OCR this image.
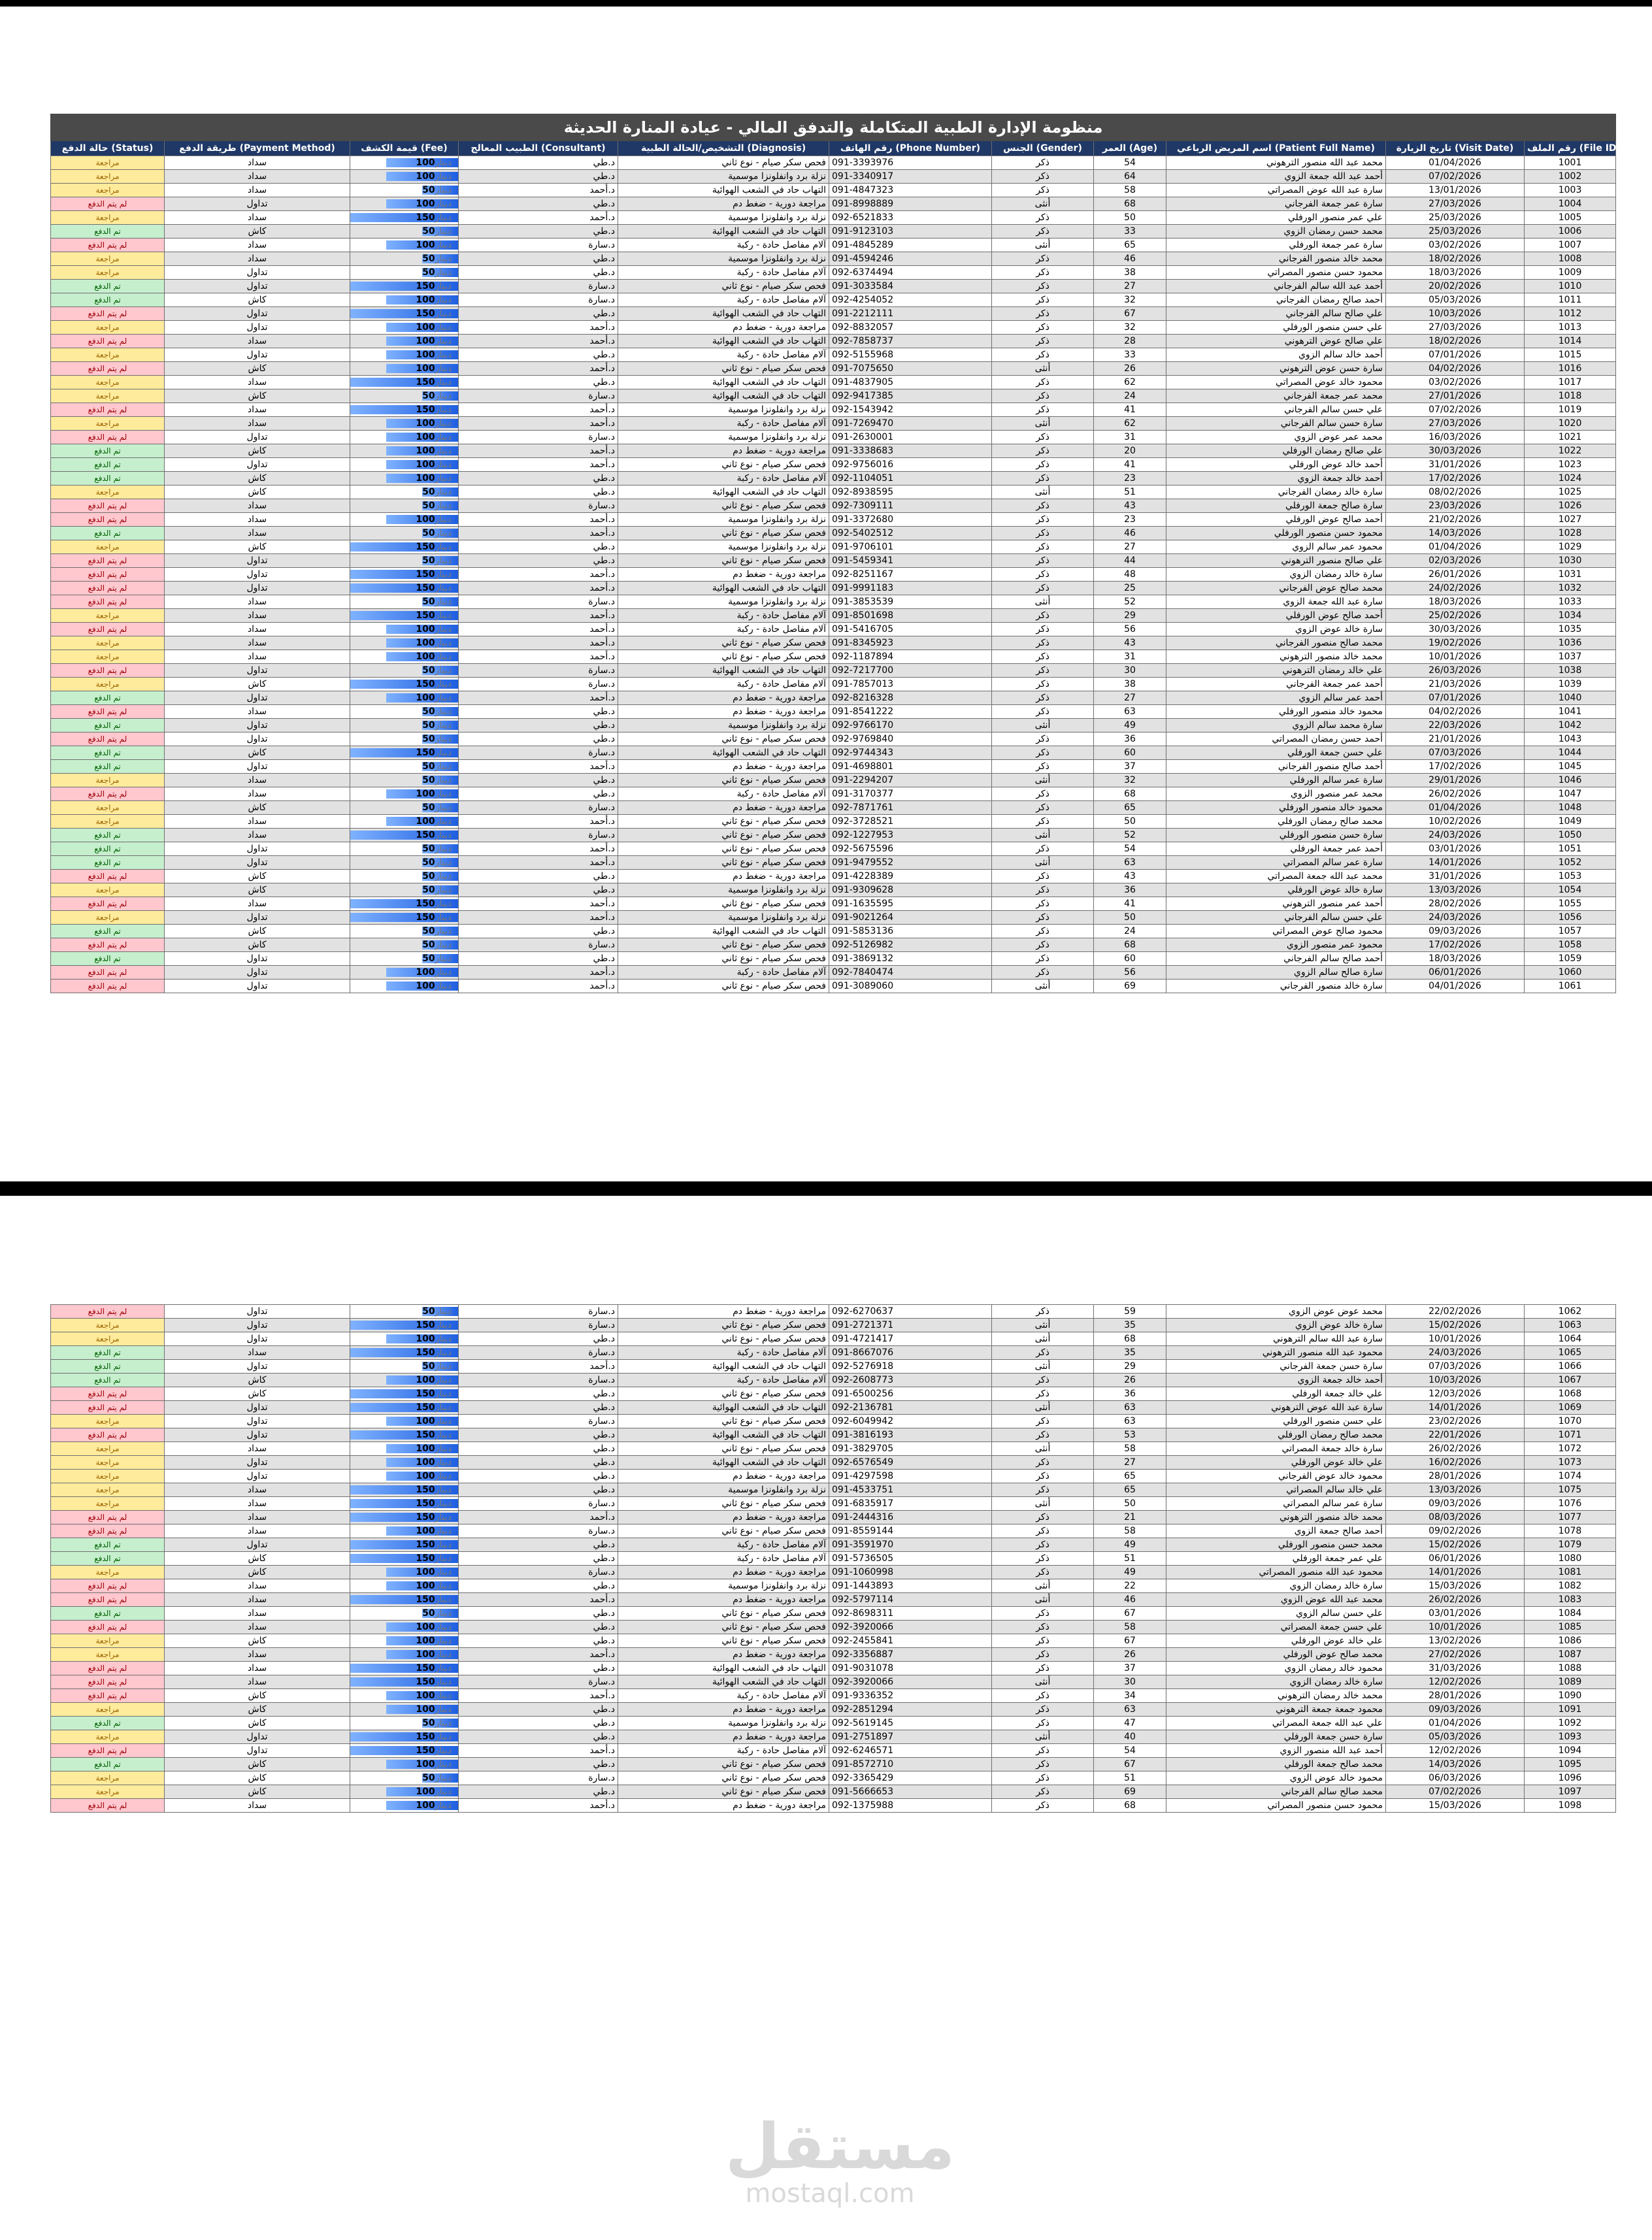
منظومة الإدارة الطبية المتكاملة والتدفق المالي - عيادة المنارة الحديثة										
حالة الدفع (Status)	طريقة الدفع (Payment Method)	قيمة الكشف (Fee)	الطبيب المعالج (Consultant)	التشخيص/الحالة الطبية (Diagnosis)	رقم الهاتف (Phone Number)	الجنس (Gender)	العمر (Age)	اسم المريض الرباعي (Patient Full Name)	تاريخ الزيارة (Visit Date)	رقم الملف (File ID)
مراجعة	سداد	دينار100	د.طي	فحص سكر صيام - نوع ثاني	091-3393976	ذكر	54	محمد عبد الله منصور الترهوني	01/04/2026	1001
مراجعة	سداد	دينار100	د.طي	نزلة برد وانفلونزا موسمية	091-3340917	ذكر	64	أحمد عبد الله جمعة الزوي	07/02/2026	1002
مراجعة	سداد	دينار50	د.أحمد	التهاب حاد في الشعب الهوائية	091-4847323	ذكر	58	سارة عبد الله عوض المصراتي	13/01/2026	1003
لم يتم الدفع	تداول	دينار100	د.طي	مراجعة دورية - ضغط دم	091-8998889	أنثى	68	سارة عمر جمعة الفرجاني	27/03/2026	1004
مراجعة	سداد	دينار150	د.أحمد	نزلة برد وانفلونزا موسمية	092-6521833	ذكر	50	علي عمر منصور الورفلي	25/03/2026	1005
تم الدفع	كاش	دينار50	د.طي	التهاب حاد في الشعب الهوائية	091-9123103	ذكر	33	محمد حسن رمضان الزوي	25/03/2026	1006
لم يتم الدفع	سداد	دينار100	د.سارة	آلام مفاصل حادة - ركبة	091-4845289	أنثى	65	سارة عمر جمعة الورفلي	03/02/2026	1007
مراجعة	سداد	دينار50	د.طي	نزلة برد وانفلونزا موسمية	091-4594246	ذكر	46	محمد خالد منصور الفرجاني	18/02/2026	1008
مراجعة	تداول	دينار50	د.طي	آلام مفاصل حادة - ركبة	092-6374494	ذكر	38	محمود حسن منصور المصراتي	18/03/2026	1009
تم الدفع	تداول	دينار150	د.سارة	فحص سكر صيام - نوع ثاني	091-3033584	ذكر	27	أحمد عبد الله سالم الفرجاني	20/02/2026	1010
تم الدفع	كاش	دينار100	د.سارة	آلام مفاصل حادة - ركبة	092-4254052	ذكر	32	أحمد صالح رمضان الفرجاني	05/03/2026	1011
لم يتم الدفع	تداول	دينار150	د.طي	التهاب حاد في الشعب الهوائية	091-2212111	ذكر	67	علي صالح سالم الفرجاني	10/03/2026	1012
مراجعة	تداول	دينار100	د.أحمد	مراجعة دورية - ضغط دم	092-8832057	ذكر	32	علي حسن منصور الورفلي	27/03/2026	1013
لم يتم الدفع	سداد	دينار100	د.أحمد	التهاب حاد في الشعب الهوائية	092-7858737	ذكر	28	علي صالح عوض الترهوني	18/02/2026	1014
مراجعة	تداول	دينار100	د.طي	آلام مفاصل حادة - ركبة	092-5155968	ذكر	33	أحمد خالد سالم الزوي	07/01/2026	1015
لم يتم الدفع	كاش	دينار100	د.أحمد	فحص سكر صيام - نوع ثاني	091-7075650	أنثى	26	سارة حسن عوض الترهوني	04/02/2026	1016
مراجعة	سداد	دينار150	د.طي	التهاب حاد في الشعب الهوائية	091-4837905	ذكر	62	محمود خالد عوض المصراتي	03/02/2026	1017
مراجعة	كاش	دينار50	د.سارة	التهاب حاد في الشعب الهوائية	092-9417385	ذكر	24	محمد عمر جمعة الفرجاني	27/01/2026	1018
لم يتم الدفع	سداد	دينار150	د.أحمد	نزلة برد وانفلونزا موسمية	092-1543942	ذكر	41	علي حسن سالم الفرجاني	07/02/2026	1019
مراجعة	سداد	دينار100	د.أحمد	آلام مفاصل حادة - ركبة	091-7269470	أنثى	62	سارة حسن سالم الفرجاني	27/03/2026	1020
لم يتم الدفع	تداول	دينار100	د.سارة	نزلة برد وانفلونزا موسمية	091-2630001	ذكر	31	محمد عمر عوض الزوي	16/03/2026	1021
تم الدفع	كاش	دينار100	د.أحمد	مراجعة دورية - ضغط دم	091-3338683	ذكر	20	علي صالح رمضان الورفلي	30/03/2026	1022
تم الدفع	تداول	دينار100	د.أحمد	فحص سكر صيام - نوع ثاني	092-9756016	ذكر	41	أحمد خالد عوض الورفلي	31/01/2026	1023
تم الدفع	كاش	دينار100	د.طي	آلام مفاصل حادة - ركبة	092-1104051	ذكر	23	أحمد خالد جمعة الزوي	17/02/2026	1024
مراجعة	كاش	دينار50	د.طي	التهاب حاد في الشعب الهوائية	092-8938595	أنثى	51	سارة خالد رمضان الفرجاني	08/02/2026	1025
لم يتم الدفع	سداد	دينار50	د.سارة	فحص سكر صيام - نوع ثاني	092-7309111	ذكر	43	سارة صالح جمعة الورفلي	23/03/2026	1026
لم يتم الدفع	سداد	دينار100	د.أحمد	نزلة برد وانفلونزا موسمية	091-3372680	ذكر	23	أحمد صالح عوض الورفلي	21/02/2026	1027
تم الدفع	سداد	دينار50	د.أحمد	فحص سكر صيام - نوع ثاني	092-5402512	ذكر	46	محمود حسن منصور الورفلي	14/03/2026	1028
مراجعة	كاش	دينار150	د.طي	نزلة برد وانفلونزا موسمية	091-9706101	ذكر	27	محمود عمر سالم الزوي	01/04/2026	1029
لم يتم الدفع	تداول	دينار50	د.طي	فحص سكر صيام - نوع ثاني	091-5459341	ذكر	44	علي صالح منصور الترهوني	02/03/2026	1030
لم يتم الدفع	تداول	دينار150	د.أحمد	مراجعة دورية - ضغط دم	092-8251167	ذكر	48	سارة خالد رمضان الزوي	26/01/2026	1031
لم يتم الدفع	تداول	دينار150	د.أحمد	التهاب حاد في الشعب الهوائية	091-9991183	ذكر	25	محمد صالح عوض الفرجاني	24/02/2026	1032
لم يتم الدفع	سداد	دينار50	د.سارة	نزلة برد وانفلونزا موسمية	091-3853539	أنثى	52	سارة عبد الله جمعة الزوي	18/03/2026	1033
مراجعة	سداد	دينار150	د.أحمد	آلام مفاصل حادة - ركبة	091-8501698	ذكر	29	أحمد صالح عوض الورفلي	25/02/2026	1034
لم يتم الدفع	سداد	دينار100	د.أحمد	آلام مفاصل حادة - ركبة	091-5416705	ذكر	56	سارة خالد عوض الزوي	30/03/2026	1035
مراجعة	سداد	دينار100	د.أحمد	فحص سكر صيام - نوع ثاني	091-8345923	ذكر	43	محمد صالح منصور الفرجاني	19/02/2026	1036
مراجعة	سداد	دينار100	د.أحمد	فحص سكر صيام - نوع ثاني	092-1187894	ذكر	31	محمد خالد منصور الترهوني	10/01/2026	1037
لم يتم الدفع	تداول	دينار50	د.سارة	التهاب حاد في الشعب الهوائية	092-7217700	ذكر	30	علي خالد رمضان الترهوني	26/03/2026	1038
مراجعة	كاش	دينار150	د.سارة	آلام مفاصل حادة - ركبة	091-7857013	ذكر	38	أحمد عمر جمعة الفرجاني	21/03/2026	1039
تم الدفع	تداول	دينار100	د.أحمد	مراجعة دورية - ضغط دم	092-8216328	ذكر	27	أحمد عمر سالم الزوي	07/01/2026	1040
لم يتم الدفع	سداد	دينار50	د.طي	مراجعة دورية - ضغط دم	091-8541222	ذكر	63	محمود خالد منصور الورفلي	04/02/2026	1041
تم الدفع	تداول	دينار50	د.طي	نزلة برد وانفلونزا موسمية	092-9766170	أنثى	49	سارة محمد سالم الزوي	22/03/2026	1042
لم يتم الدفع	تداول	دينار50	د.طي	فحص سكر صيام - نوع ثاني	092-9769840	ذكر	36	أحمد حسن رمضان المصراتي	21/01/2026	1043
تم الدفع	كاش	دينار150	د.سارة	التهاب حاد في الشعب الهوائية	092-9744343	ذكر	60	علي حسن جمعة الورفلي	07/03/2026	1044
تم الدفع	تداول	دينار50	د.أحمد	مراجعة دورية - ضغط دم	091-4698801	ذكر	37	أحمد صالح منصور الفرجاني	17/02/2026	1045
مراجعة	سداد	دينار50	د.طي	فحص سكر صيام - نوع ثاني	091-2294207	أنثى	32	سارة عمر سالم الورفلي	29/01/2026	1046
لم يتم الدفع	سداد	دينار100	د.طي	آلام مفاصل حادة - ركبة	091-3170377	ذكر	68	محمد عمر منصور الزوي	26/02/2026	1047
مراجعة	كاش	دينار50	د.سارة	مراجعة دورية - ضغط دم	092-7871761	ذكر	65	محمود خالد منصور الورفلي	01/04/2026	1048
مراجعة	سداد	دينار100	د.أحمد	فحص سكر صيام - نوع ثاني	092-3728521	ذكر	50	محمد صالح رمضان الورفلي	10/02/2026	1049
تم الدفع	سداد	دينار150	د.سارة	فحص سكر صيام - نوع ثاني	092-1227953	أنثى	52	سارة حسن منصور الورفلي	24/03/2026	1050
تم الدفع	تداول	دينار50	د.أحمد	فحص سكر صيام - نوع ثاني	092-5675596	ذكر	54	أحمد عمر جمعة الورفلي	03/01/2026	1051
تم الدفع	تداول	دينار50	د.أحمد	فحص سكر صيام - نوع ثاني	091-9479552	أنثى	63	سارة عمر سالم المصراتي	14/01/2026	1052
لم يتم الدفع	كاش	دينار50	د.طي	مراجعة دورية - ضغط دم	091-4228389	ذكر	43	محمد عبد الله جمعة المصراتي	31/01/2026	1053
مراجعة	كاش	دينار50	د.طي	نزلة برد وانفلونزا موسمية	091-9309628	ذكر	36	سارة خالد عوض الورفلي	13/03/2026	1054
لم يتم الدفع	سداد	دينار150	د.أحمد	فحص سكر صيام - نوع ثاني	091-1635595	ذكر	41	أحمد عمر منصور الترهوني	28/02/2026	1055
مراجعة	تداول	دينار150	د.أحمد	نزلة برد وانفلونزا موسمية	091-9021264	ذكر	50	علي حسن سالم الفرجاني	24/03/2026	1056
تم الدفع	كاش	دينار50	د.طي	التهاب حاد في الشعب الهوائية	091-5853136	ذكر	24	محمود صالح عوض المصراتي	09/03/2026	1057
لم يتم الدفع	كاش	دينار50	د.سارة	فحص سكر صيام - نوع ثاني	092-5126982	ذكر	68	محمود عمر منصور الزوي	17/02/2026	1058
تم الدفع	تداول	دينار50	د.طي	فحص سكر صيام - نوع ثاني	091-3869132	ذكر	60	أحمد صالح سالم الفرجاني	18/03/2026	1059
لم يتم الدفع	تداول	دينار100	د.أحمد	آلام مفاصل حادة - ركبة	092-7840474	ذكر	56	سارة صالح سالم الزوي	06/01/2026	1060
لم يتم الدفع	تداول	دينار100	د.أحمد	فحص سكر صيام - نوع ثاني	091-3089060	أنثى	69	سارة خالد منصور الفرجاني	04/01/2026	1061
لم يتم الدفع	تداول	دينار50	د.سارة	مراجعة دورية - ضغط دم	092-6270637	ذكر	59	محمد عوض عوض الزوي	22/02/2026	1062
مراجعة	تداول	دينار150	د.سارة	فحص سكر صيام - نوع ثاني	091-2721371	أنثى	35	سارة خالد عوض الزوي	15/02/2026	1063
مراجعة	تداول	دينار100	د.طي	فحص سكر صيام - نوع ثاني	091-4721417	أنثى	68	سارة عبد الله سالم الترهوني	10/01/2026	1064
تم الدفع	سداد	دينار150	د.سارة	آلام مفاصل حادة - ركبة	091-8667076	ذكر	35	محمود عبد الله منصور الترهوني	24/03/2026	1065
تم الدفع	تداول	دينار50	د.أحمد	التهاب حاد في الشعب الهوائية	092-5276918	أنثى	29	سارة حسن جمعة الفرجاني	07/03/2026	1066
تم الدفع	كاش	دينار100	د.سارة	آلام مفاصل حادة - ركبة	092-2608773	ذكر	26	أحمد خالد جمعة الزوي	10/03/2026	1067
لم يتم الدفع	كاش	دينار150	د.طي	فحص سكر صيام - نوع ثاني	091-6500256	ذكر	36	علي خالد جمعة الورفلي	12/03/2026	1068
لم يتم الدفع	تداول	دينار150	د.طي	التهاب حاد في الشعب الهوائية	092-2136781	أنثى	63	سارة عبد الله عوض الترهوني	14/01/2026	1069
مراجعة	تداول	دينار100	د.سارة	فحص سكر صيام - نوع ثاني	092-6049942	ذكر	63	علي حسن منصور الورفلي	23/02/2026	1070
لم يتم الدفع	تداول	دينار150	د.طي	التهاب حاد في الشعب الهوائية	091-3816193	ذكر	53	محمد صالح رمضان الورفلي	22/01/2026	1071
مراجعة	سداد	دينار100	د.طي	فحص سكر صيام - نوع ثاني	091-3829705	أنثى	58	سارة خالد جمعة المصراتي	26/02/2026	1072
مراجعة	تداول	دينار100	د.طي	التهاب حاد في الشعب الهوائية	092-6576549	ذكر	27	علي خالد عوض الورفلي	16/02/2026	1073
مراجعة	تداول	دينار100	د.طي	مراجعة دورية - ضغط دم	091-4297598	ذكر	65	محمود خالد عوض الفرجاني	28/01/2026	1074
مراجعة	سداد	دينار150	د.طي	نزلة برد وانفلونزا موسمية	091-4533751	ذكر	65	علي خالد سالم المصراتي	13/03/2026	1075
مراجعة	سداد	دينار150	د.سارة	فحص سكر صيام - نوع ثاني	091-6835917	أنثى	50	سارة عمر سالم المصراتي	09/03/2026	1076
لم يتم الدفع	سداد	دينار150	د.أحمد	مراجعة دورية - ضغط دم	091-2444316	ذكر	21	محمد خالد منصور الترهوني	08/03/2026	1077
لم يتم الدفع	سداد	دينار100	د.سارة	فحص سكر صيام - نوع ثاني	091-8559144	ذكر	58	أحمد صالح جمعة الزوي	09/02/2026	1078
تم الدفع	تداول	دينار150	د.طي	آلام مفاصل حادة - ركبة	091-3591970	ذكر	49	محمد حسن منصور الورفلي	15/02/2026	1079
تم الدفع	كاش	دينار150	د.طي	آلام مفاصل حادة - ركبة	091-5736505	ذكر	51	علي عمر جمعة الورفلي	06/01/2026	1080
مراجعة	كاش	دينار100	د.سارة	مراجعة دورية - ضغط دم	091-1060998	ذكر	49	محمود عبد الله منصور المصراتي	14/01/2026	1081
لم يتم الدفع	سداد	دينار100	د.طي	نزلة برد وانفلونزا موسمية	091-1443893	أنثى	22	سارة خالد رمضان الزوي	15/03/2026	1082
لم يتم الدفع	سداد	دينار150	د.أحمد	مراجعة دورية - ضغط دم	092-5797114	أنثى	46	محمد عبد الله عوض الزوي	26/02/2026	1083
تم الدفع	سداد	دينار50	د.طي	فحص سكر صيام - نوع ثاني	092-8698311	ذكر	67	علي حسن سالم الزوي	03/01/2026	1084
لم يتم الدفع	سداد	دينار100	د.طي	فحص سكر صيام - نوع ثاني	092-3920066	ذكر	58	علي حسن جمعة المصراتي	10/01/2026	1085
مراجعة	كاش	دينار100	د.طي	فحص سكر صيام - نوع ثاني	092-2455841	ذكر	67	علي خالد عوض الورفلي	13/02/2026	1086
مراجعة	سداد	دينار100	د.أحمد	مراجعة دورية - ضغط دم	092-3356887	ذكر	26	محمد صالح عوض الورفلي	27/02/2026	1087
لم يتم الدفع	سداد	دينار150	د.طي	التهاب حاد في الشعب الهوائية	091-9031078	ذكر	37	محمود خالد رمضان الزوي	31/03/2026	1088
لم يتم الدفع	سداد	دينار150	د.سارة	التهاب حاد في الشعب الهوائية	092-3920066	أنثى	30	سارة خالد رمضان الزوي	12/02/2026	1089
لم يتم الدفع	كاش	دينار100	د.أحمد	آلام مفاصل حادة - ركبة	091-9336352	ذكر	34	محمد خالد رمضان الترهوني	28/01/2026	1090
مراجعة	كاش	دينار100	د.طي	مراجعة دورية - ضغط دم	092-2851294	ذكر	63	محمود جمعة جمعة الترهوني	09/03/2026	1091
تم الدفع	كاش	دينار50	د.طي	نزلة برد وانفلونزا موسمية	092-5619145	ذكر	47	علي عبد الله جمعة المصراتي	01/04/2026	1092
مراجعة	تداول	دينار150	د.طي	مراجعة دورية - ضغط دم	091-2751897	أنثى	40	سارة حسن جمعة الورفلي	05/03/2026	1093
لم يتم الدفع	تداول	دينار150	د.أحمد	آلام مفاصل حادة - ركبة	092-6246571	ذكر	54	أحمد عبد الله منصور الزوي	12/02/2026	1094
تم الدفع	كاش	دينار100	د.طي	فحص سكر صيام - نوع ثاني	091-8572710	ذكر	67	محمد صالح جمعة الورفلي	14/03/2026	1095
مراجعة	كاش	دينار50	د.سارة	فحص سكر صيام - نوع ثاني	092-3365429	ذكر	51	محمود خالد عوض الزوي	06/03/2026	1096
مراجعة	كاش	دينار100	د.طي	فحص سكر صيام - نوع ثاني	091-5666653	ذكر	69	محمد صالح سالم الفرجاني	07/02/2026	1097
لم يتم الدفع	سداد	دينار100	د.أحمد	مراجعة دورية - ضغط دم	092-1375988	ذكر	68	محمود حسن منصور المصراتي	15/03/2026	1098
مستقل
mostaql.com
